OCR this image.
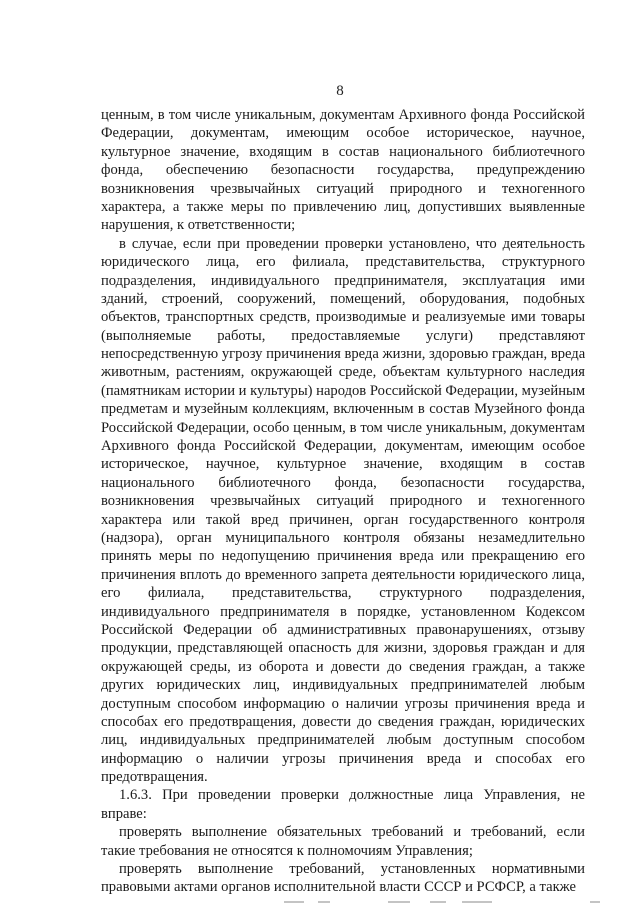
8
ценным, в том числе уникальным, документам Архивного фонда Российской
Федерации, документам, имеющим особое историческое, научное,
культурное значение, входящим в состав национального библиотечного
фонда, обеспечению безопасности государства, предупреждению
возникновения чрезвычайных ситуаций природного и техногенного
характера, а также меры по привлечению лиц, допустивших выявленные
нарушения, к ответственности;
в случае, если при проведении проверки установлено, что деятельность
юридического лица, его филиала, представительства, структурного
подразделения, индивидуального предпринимателя, эксплуатация ими
зданий, строений, сооружений, помещений, оборудования, подобных
объектов, транспортных средств, производимые и реализуемые ими товары
(выполняемые работы, предоставляемые услуги) представляют
непосредственную угрозу причинения вреда жизни, здоровью граждан, вреда
животным, растениям, окружающей среде, объектам культурного наследия
(памятникам истории и культуры) народов Российской Федерации, музейным
предметам и музейным коллекциям, включенным в состав Музейного фонда
Российской Федерации, особо ценным, в том числе уникальным, документам
Архивного фонда Российской Федерации, документам, имеющим особое
историческое, научное, культурное значение, входящим в состав
национального библиотечного фонда, безопасности государства,
возникновения чрезвычайных ситуаций природного и техногенного
характера или такой вред причинен, орган государственного контроля
(надзора), орган муниципального контроля обязаны незамедлительно
принять меры по недопущению причинения вреда или прекращению его
причинения вплоть до временного запрета деятельности юридического лица,
его филиала, представительства, структурного подразделения,
индивидуального предпринимателя в порядке, установленном Кодексом
Российской Федерации об административных правонарушениях, отзыву
продукции, представляющей опасность для жизни, здоровья граждан и для
окружающей среды, из оборота и довести до сведения граждан, а также
других юридических лиц, индивидуальных предпринимателей любым
доступным способом информацию о наличии угрозы причинения вреда и
способах его предотвращения, довести до сведения граждан, юридических
лиц, индивидуальных предпринимателей любым доступным способом
информацию о наличии угрозы причинения вреда и способах его
предотвращения.
1.6.3. При проведении проверки должностные лица Управления, не
вправе:
проверять выполнение обязательных требований и требований, если
такие требования не относятся к полномочиям Управления;
проверять выполнение требований, установленных нормативными
правовыми актами органов исполнительной власти СССР и РСФСР, а также
